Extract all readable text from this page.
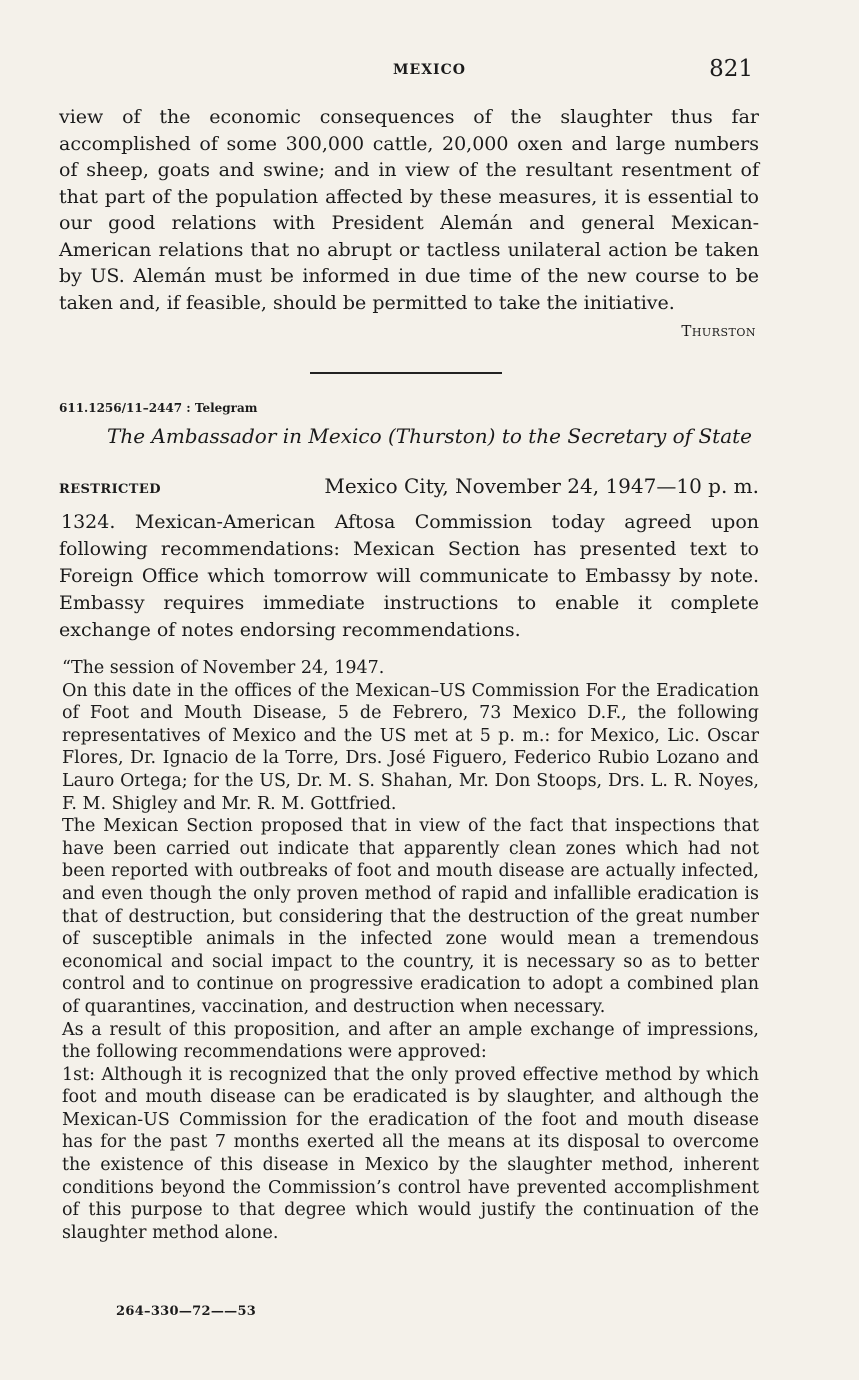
MEXICO	821
view of the economic consequences of the slaughter thus far accomplished of some 300,000 cattle, 20,000 oxen and large numbers of sheep, goats and swine; and in view of the resultant resentment of that part of the population affected by these measures, it is essential to our good relations with President Alemán and general Mexican-American relations that no abrupt or tactless unilateral action be taken by US. Alemán must be informed in due time of the new course to be taken and, if feasible, should be permitted to take the initiative.
Thurston
611.1256/11–2447 : Telegram
The Ambassador in Mexico (Thurston) to the Secretary of State
RESTRICTED	Mexico City, November 24, 1947—10 p. m.
1324. Mexican-American Aftosa Commission today agreed upon following recommendations: Mexican Section has presented text to Foreign Office which tomorrow will communicate to Embassy by note. Embassy requires immediate instructions to enable it complete exchange of notes endorsing recommendations.

“The session of November 24, 1947.

On this date in the offices of the Mexican–US Commission For the Eradication of Foot and Mouth Disease, 5 de Febrero, 73 Mexico D.F., the following representatives of Mexico and the US met at 5 p. m.: for Mexico, Lic. Oscar Flores, Dr. Ignacio de la Torre, Drs. José Figuero, Federico Rubio Lozano and Lauro Ortega; for the US, Dr. M. S. Shahan, Mr. Don Stoops, Drs. L. R. Noyes, F. M. Shigley and Mr. R. M. Gottfried.

The Mexican Section proposed that in view of the fact that inspections that have been carried out indicate that apparently clean zones which had not been reported with outbreaks of foot and mouth disease are actually infected, and even though the only proven method of rapid and infallible eradication is that of destruction, but considering that the destruction of the great number of susceptible animals in the infected zone would mean a tremendous economical and social impact to the country, it is necessary so as to better control and to continue on progressive eradication to adopt a combined plan of quarantines, vaccination, and destruction when necessary.

As a result of this proposition, and after an ample exchange of impressions, the following recommendations were approved:

1st: Although it is recognized that the only proved effective method by which foot and mouth disease can be eradicated is by slaughter, and although the Mexican-US Commission for the eradication of the foot and mouth disease has for the past 7 months exerted all the means at its disposal to overcome the existence of this disease in Mexico by the slaughter method, inherent conditions beyond the Commission’s control have prevented accomplishment of this purpose to that degree which would justify the continuation of the slaughter method alone.

264–330—72——53
